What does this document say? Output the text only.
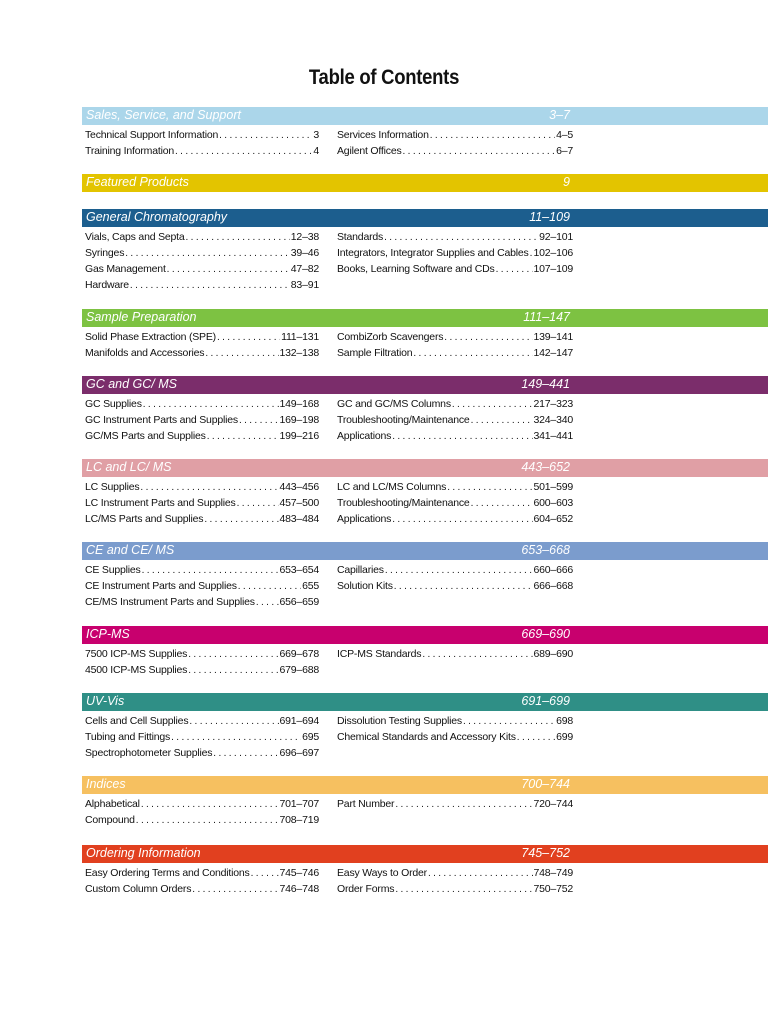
Table of Contents
Sales, Service, and Support	3–7
Technical Support Information . . .	3
Training Information . . .	4
Services Information . . .	4–5
Agilent Offices . . .	6–7
Featured Products	9
General Chromatography	11–109
Vials, Caps and Septa . . .	12–38
Syringes . . .	39–46
Gas Management . . .	47–82
Hardware . . .	83–91
Standards . . .	92–101
Integrators, Integrator Supplies and Cables . . . 102–106
Books, Learning Software and CDs . . .	107–109
Sample Preparation	111–147
Solid Phase Extraction (SPE) . . .	111–131
Manifolds and Accessories . . .	132–138
CombiZorb Scavengers . . .	139–141
Sample Filtration . . .	142–147
GC and GC/ MS	149–441
GC Supplies . . .	149–168
GC Instrument Parts and Supplies . . .	169–198
GC/MS Parts and Supplies . . .	199–216
GC and GC/MS Columns . . .	217–323
Troubleshooting/Maintenance . . .	324–340
Applications . . .	341–441
LC and LC/ MS	443–652
LC Supplies . . .	443–456
LC Instrument Parts and Supplies . . .	457–500
LC/MS Parts and Supplies . . .	483–484
LC and LC/MS Columns . . .	501–599
Troubleshooting/Maintenance . . .	600–603
Applications . . .	604–652
CE and CE/ MS	653–668
CE Supplies . . .	653–654
CE Instrument Parts and Supplies . . .	655
CE/MS Instrument Parts and Supplies . . . 656–659
Capillaries . . .	660–666
Solution Kits . . .	666–668
ICP-MS	669–690
7500 ICP-MS Supplies . . .	669–678
4500 ICP-MS Supplies . . .	679–688
ICP-MS Standards . . .	689–690
UV-Vis	691–699
Cells and Cell Supplies . . .	691–694
Tubing and Fittings . . .	695
Spectrophotometer Supplies . . .	696–697
Dissolution Testing Supplies . . .	698
Chemical Standards and Accessory Kits . . .	699
Indices	700–744
Alphabetical . . .	701–707
Compound . . .	708–719
Part Number . . .	720–744
Ordering Information	745–752
Easy Ordering Terms and Conditions . . .	745–746
Custom Column Orders . . .	746–748
Easy Ways to Order . . .	748–749
Order Forms . . .	750–752
